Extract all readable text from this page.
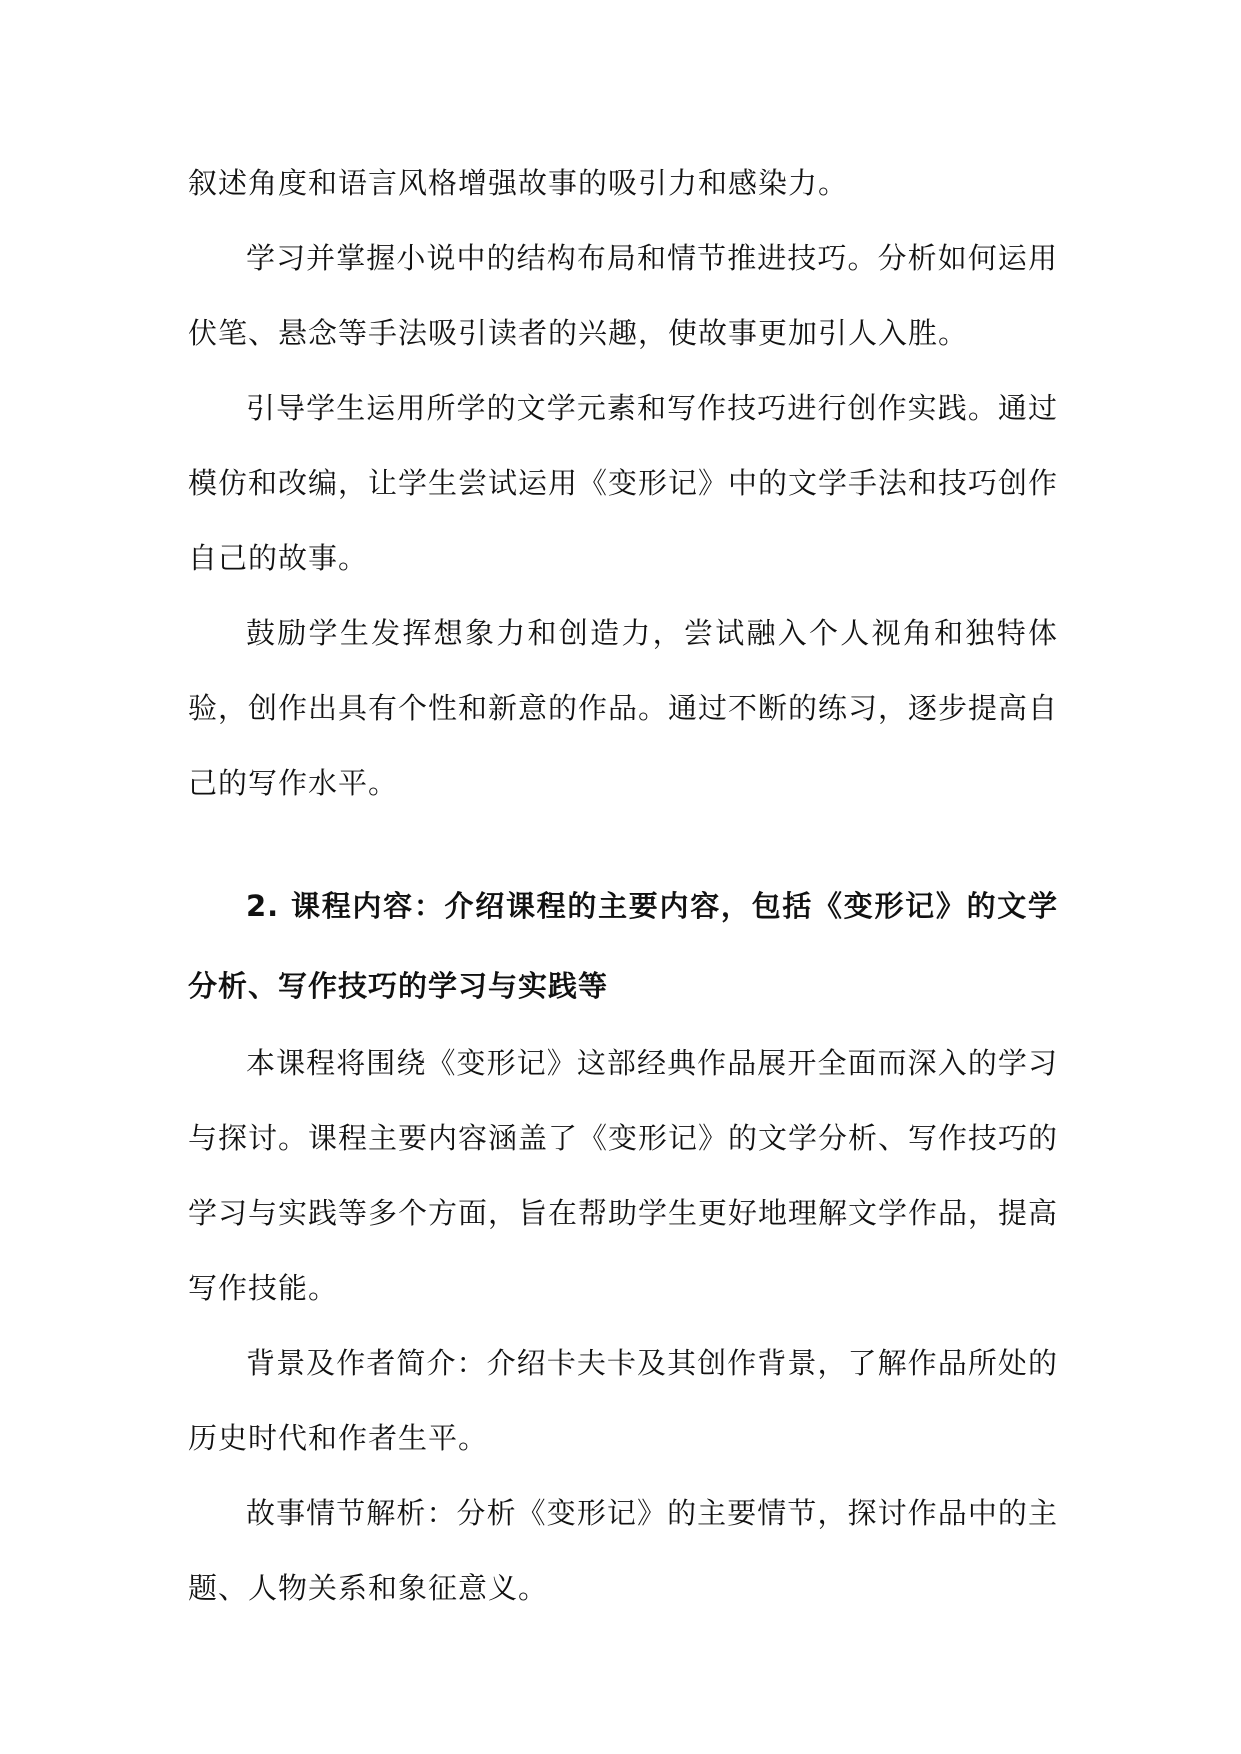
叙述角度和语言风格增强故事的吸引力和感染力。

学习并掌握小说中的结构布局和情节推进技巧。分析如何运用伏笔、悬念等手法吸引读者的兴趣，使故事更加引人入胜。

引导学生运用所学的文学元素和写作技巧进行创作实践。通过模仿和改编，让学生尝试运用《变形记》中的文学手法和技巧创作自己的故事。

鼓励学生发挥想象力和创造力，尝试融入个人视角和独特体验，创作出具有个性和新意的作品。通过不断的练习，逐步提高自己的写作水平。

2. 课程内容：介绍课程的主要内容，包括《变形记》的文学分析、写作技巧的学习与实践等

本课程将围绕《变形记》这部经典作品展开全面而深入的学习与探讨。课程主要内容涵盖了《变形记》的文学分析、写作技巧的学习与实践等多个方面，旨在帮助学生更好地理解文学作品，提高写作技能。

背景及作者简介：介绍卡夫卡及其创作背景，了解作品所处的历史时代和作者生平。

故事情节解析：分析《变形记》的主要情节，探讨作品中的主题、人物关系和象征意义。
